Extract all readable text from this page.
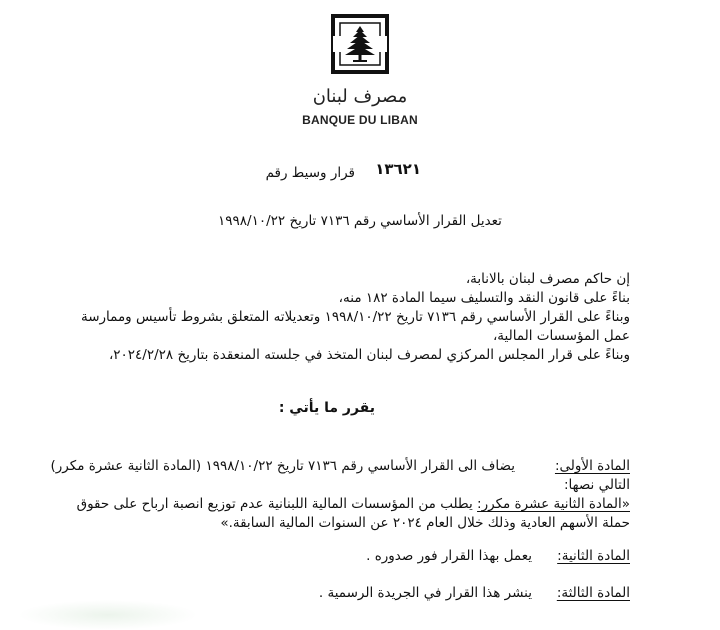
مصرف لبنان
BANQUE DU LIBAN
قرار وسيط رقم ١٣٦٢١
تعديل القرار الأساسي رقم ٧١٣٦ تاريخ ١٩٩٨/١٠/٢٢
إن حاكم مصرف لبنان بالانابة،
بناءً على قانون النقد والتسليف سيما المادة ١٨٢ منه،
وبناءً على القرار الأساسي رقم ٧١٣٦ تاريخ ١٩٩٨/١٠/٢٢ وتعديلاته المتعلق بشروط تأسيس وممارسة
عمل المؤسسات المالية،
وبناءً على قرار المجلس المركزي لمصرف لبنان المتخذ في جلسته المنعقدة بتاريخ ٢٠٢٤/٢/٢٨،
يقرر ما يأتي :
المادة الأولى:
يضاف الى القرار الأساسي رقم ٧١٣٦ تاريخ ١٩٩٨/١٠/٢٢ (المادة الثانية عشرة مكرر)
التالي نصها:
«المادة الثانية عشرة مكرر: يطلب من المؤسسات المالية اللبنانية عدم توزيع انصبة ارباح على حقوق
حملة الأسهم العادية وذلك خلال العام ٢٠٢٤ عن السنوات المالية السابقة.»
المادة الثانية:
يعمل بهذا القرار فور صدوره .
المادة الثالثة:
ينشر هذا القرار في الجريدة الرسمية .
